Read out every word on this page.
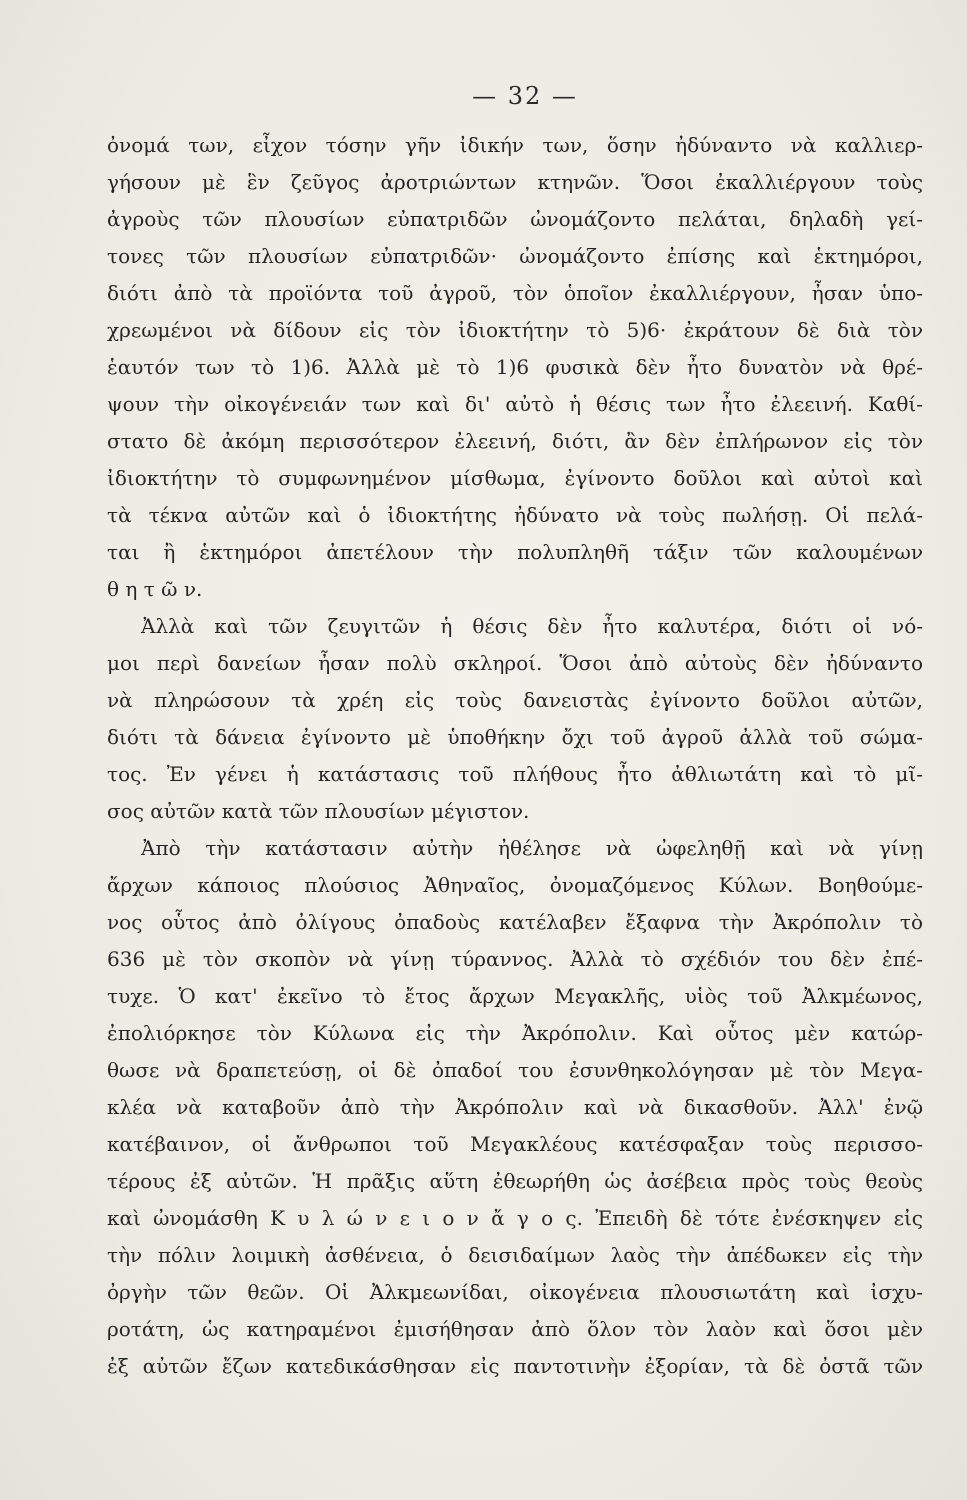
— 32 —
ὀνομά των, εἶχον τόσην γῆν ἰδικήν των, ὅσην ἠδύναντο νὰ καλλιερ-
γήσουν μὲ ἓν ζεῦγος ἀροτριώντων κτηνῶν. Ὅσοι ἐκαλλιέργουν τοὺς
ἀγροὺς τῶν πλουσίων εὐπατριδῶν ὠνομάζοντο πελάται, δηλαδὴ γεί-
τονες τῶν πλουσίων εὐπατριδῶν· ὠνομάζοντο ἐπίσης καὶ ἑκτημόροι,
διότι ἀπὸ τὰ προϊόντα τοῦ ἀγροῦ, τὸν ὁποῖον ἐκαλλιέργουν, ἦσαν ὑπο-
χρεωμένοι νὰ δίδουν εἰς τὸν ἰδιοκτήτην τὸ 5)6· ἐκράτουν δὲ διὰ τὸν
ἑαυτόν των τὸ 1)6. Ἀλλὰ μὲ τὸ 1)6 φυσικὰ δὲν ἦτο δυνατὸν νὰ θρέ-
ψουν τὴν οἰκογένειάν των καὶ δι' αὐτὸ ἡ θέσις των ἦτο ἐλεεινή. Καθί-
στατο δὲ ἀκόμη περισσότερον ἐλεεινή, διότι, ἂν δὲν ἐπλήρωνον εἰς τὸν
ἰδιοκτήτην τὸ συμφωνημένον μίσθωμα, ἐγίνοντο δοῦλοι καὶ αὐτοὶ καὶ
τὰ τέκνα αὐτῶν καὶ ὁ ἰδιοκτήτης ἠδύνατο νὰ τοὺς πωλήσῃ. Οἱ πελά-
ται ἢ ἑκτημόροι ἀπετέλουν τὴν πολυπληθῆ τάξιν τῶν καλουμένων
θ η τ ῶ ν.
Ἀλλὰ καὶ τῶν ζευγιτῶν ἡ θέσις δὲν ἦτο καλυτέρα, διότι οἱ νό-
μοι περὶ δανείων ἦσαν πολὺ σκληροί. Ὅσοι ἀπὸ αὐτοὺς δὲν ἠδύναντο
νὰ πληρώσουν τὰ χρέη εἰς τοὺς δανειστὰς ἐγίνοντο δοῦλοι αὐτῶν,
διότι τὰ δάνεια ἐγίνοντο μὲ ὑποθήκην ὄχι τοῦ ἀγροῦ ἀλλὰ τοῦ σώμα-
τος. Ἐν γένει ἡ κατάστασις τοῦ πλήθους ἦτο ἀθλιωτάτη καὶ τὸ μῖ-
σος αὐτῶν κατὰ τῶν πλουσίων μέγιστον.
Ἀπὸ τὴν κατάστασιν αὐτὴν ἠθέλησε νὰ ὠφεληθῇ καὶ νὰ γίνῃ
ἄρχων κάποιος πλούσιος Ἀθηναῖος, ὀνομαζόμενος Κύλων. Βοηθούμε-
νος οὗτος ἀπὸ ὀλίγους ὀπαδοὺς κατέλαβεν ἔξαφνα τὴν Ἀκρόπολιν τὸ
636 μὲ τὸν σκοπὸν νὰ γίνῃ τύραννος. Ἀλλὰ τὸ σχέδιόν του δὲν ἐπέ-
τυχε. Ὁ κατ' ἐκεῖνο τὸ ἔτος ἄρχων Μεγακλῆς, υἱὸς τοῦ Ἀλκμέωνος,
ἐπολιόρκησε τὸν Κύλωνα εἰς τὴν Ἀκρόπολιν. Καὶ οὗτος μὲν κατώρ-
θωσε νὰ δραπετεύσῃ, οἱ δὲ ὀπαδοί του ἐσυνθηκολόγησαν μὲ τὸν Μεγα-
κλέα νὰ καταβοῦν ἀπὸ τὴν Ἀκρόπολιν καὶ νὰ δικασθοῦν. Ἀλλ' ἐνῷ
κατέβαινον, οἱ ἄνθρωποι τοῦ Μεγακλέους κατέσφαξαν τοὺς περισσο-
τέρους ἐξ αὐτῶν. Ἡ πρᾶξις αὕτη ἐθεωρήθη ὡς ἀσέβεια πρὸς τοὺς θεοὺς
καὶ ὠνομάσθη Κ υ λ ώ ν ε ι ο ν ἄ γ ο ς. Ἐπειδὴ δὲ τότε ἐνέσκηψεν εἰς
τὴν πόλιν λοιμικὴ ἀσθένεια, ὁ δεισιδαίμων λαὸς τὴν ἀπέδωκεν εἰς τὴν
ὀργὴν τῶν θεῶν. Οἱ Ἀλκμεωνίδαι, οἰκογένεια πλουσιωτάτη καὶ ἰσχυ-
ροτάτη, ὡς κατηραμένοι ἐμισήθησαν ἀπὸ ὅλον τὸν λαὸν καὶ ὅσοι μὲν
ἐξ αὐτῶν ἔζων κατεδικάσθησαν εἰς παντοτινὴν ἐξορίαν, τὰ δὲ ὀστᾶ τῶν
